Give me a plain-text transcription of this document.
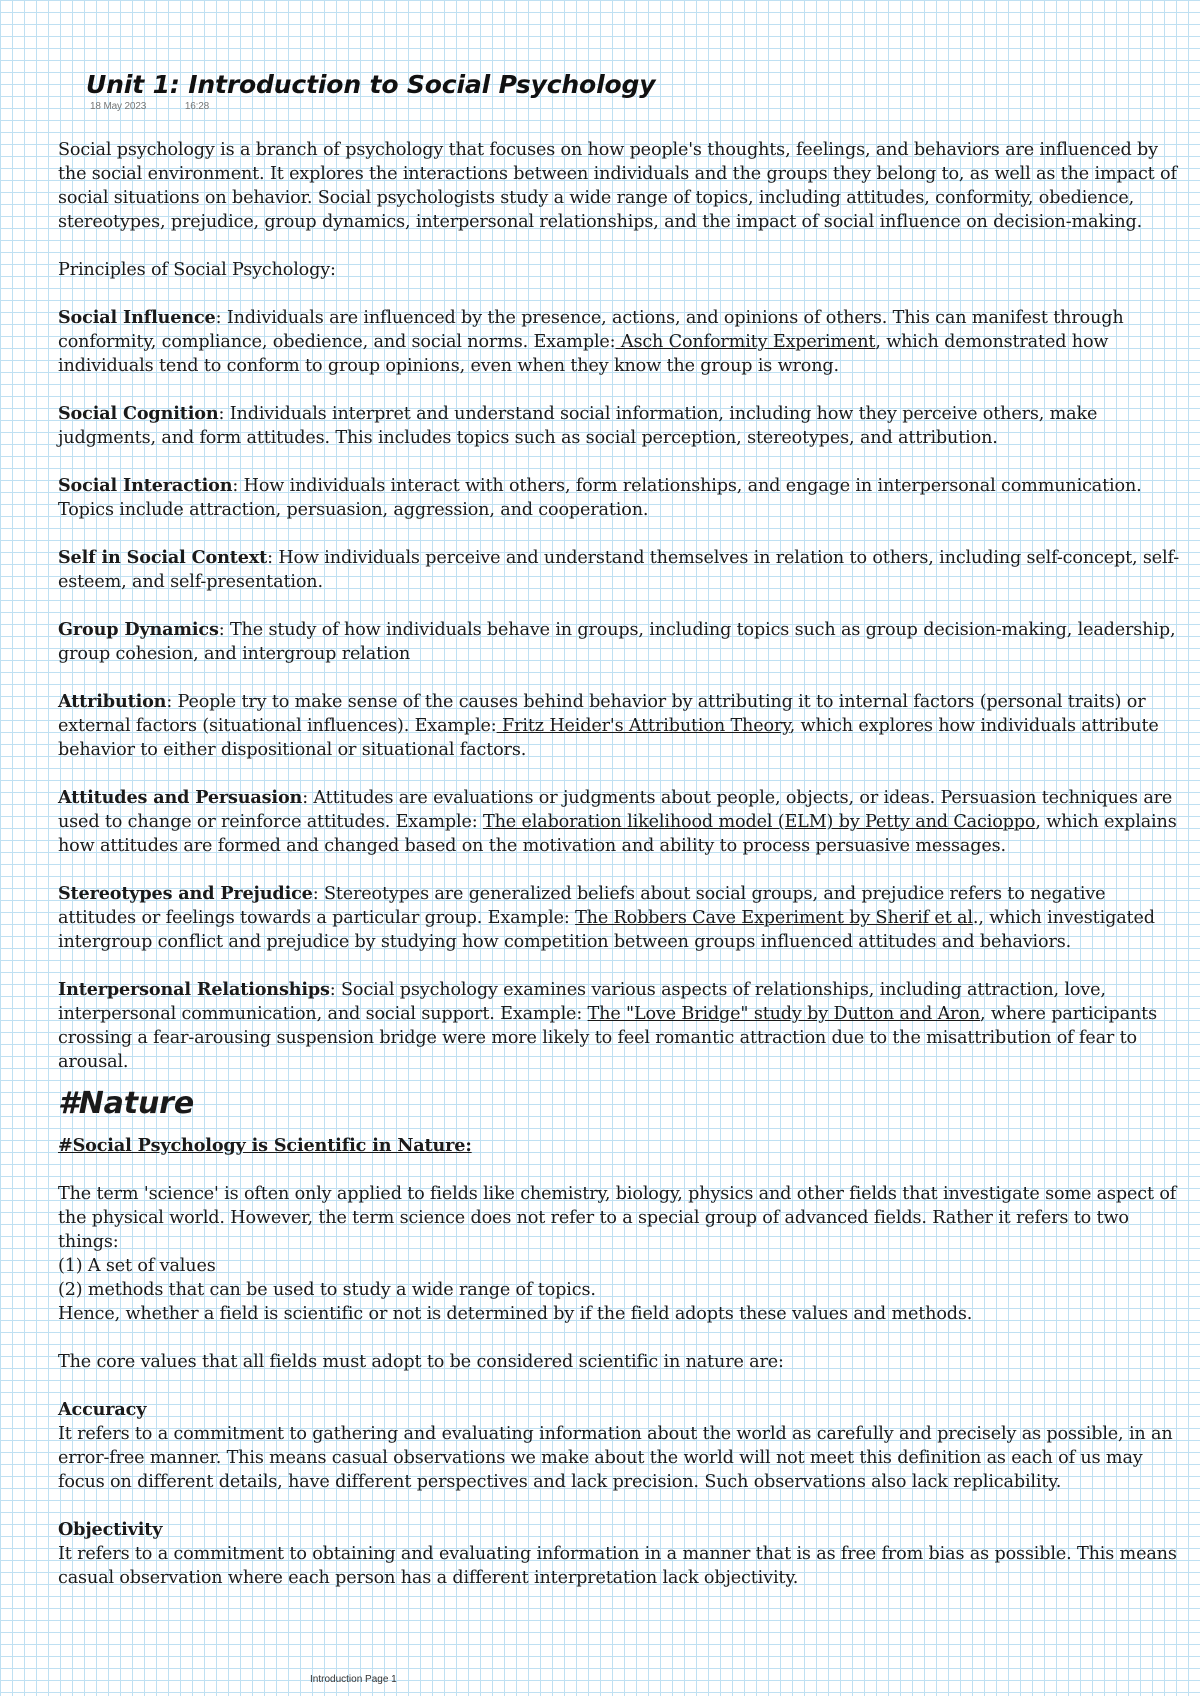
Unit 1: Introduction to Social Psychology
18 May 2023	16:28

Social psychology is a branch of psychology that focuses on how people's thoughts, feelings, and behaviors are influenced by the social environment. It explores the interactions between individuals and the groups they belong to, as well as the impact of social situations on behavior. Social psychologists study a wide range of topics, including attitudes, conformity, obedience, stereotypes, prejudice, group dynamics, interpersonal relationships, and the impact of social influence on decision-making.

Principles of Social Psychology:

Social Influence: Individuals are influenced by the presence, actions, and opinions of others. This can manifest through conformity, compliance, obedience, and social norms. Example: Asch Conformity Experiment, which demonstrated how individuals tend to conform to group opinions, even when they know the group is wrong.

Social Cognition: Individuals interpret and understand social information, including how they perceive others, make judgments, and form attitudes. This includes topics such as social perception, stereotypes, and attribution.

Social Interaction: How individuals interact with others, form relationships, and engage in interpersonal communication. Topics include attraction, persuasion, aggression, and cooperation.

Self in Social Context: How individuals perceive and understand themselves in relation to others, including self-concept, self-esteem, and self-presentation.

Group Dynamics: The study of how individuals behave in groups, including topics such as group decision-making, leadership, group cohesion, and intergroup relation

Attribution: People try to make sense of the causes behind behavior by attributing it to internal factors (personal traits) or external factors (situational influences). Example: Fritz Heider's Attribution Theory, which explores how individuals attribute behavior to either dispositional or situational factors.

Attitudes and Persuasion: Attitudes are evaluations or judgments about people, objects, or ideas. Persuasion techniques are used to change or reinforce attitudes. Example: The elaboration likelihood model (ELM) by Petty and Cacioppo, which explains how attitudes are formed and changed based on the motivation and ability to process persuasive messages.

Stereotypes and Prejudice: Stereotypes are generalized beliefs about social groups, and prejudice refers to negative attitudes or feelings towards a particular group. Example: The Robbers Cave Experiment by Sherif et al., which investigated intergroup conflict and prejudice by studying how competition between groups influenced attitudes and behaviors.

Interpersonal Relationships: Social psychology examines various aspects of relationships, including attraction, love, interpersonal communication, and social support. Example: The "Love Bridge" study by Dutton and Aron, where participants crossing a fear-arousing suspension bridge were more likely to feel romantic attraction due to the misattribution of fear to arousal.

#Nature
#Social Psychology is Scientific in Nature:

The term 'science' is often only applied to fields like chemistry, biology, physics and other fields that investigate some aspect of the physical world. However, the term science does not refer to a special group of advanced fields. Rather it refers to two things:
(1) A set of values
(2) methods that can be used to study a wide range of topics.
Hence, whether a field is scientific or not is determined by if the field adopts these values and methods.

The core values that all fields must adopt to be considered scientific in nature are:

Accuracy
It refers to a commitment to gathering and evaluating information about the world as carefully and precisely as possible, in an error-free manner. This means casual observations we make about the world will not meet this definition as each of us may focus on different details, have different perspectives and lack precision. Such observations also lack replicability.

Objectivity
It refers to a commitment to obtaining and evaluating information in a manner that is as free from bias as possible. This means casual observation where each person has a different interpretation lack objectivity.

Introduction Page 1
